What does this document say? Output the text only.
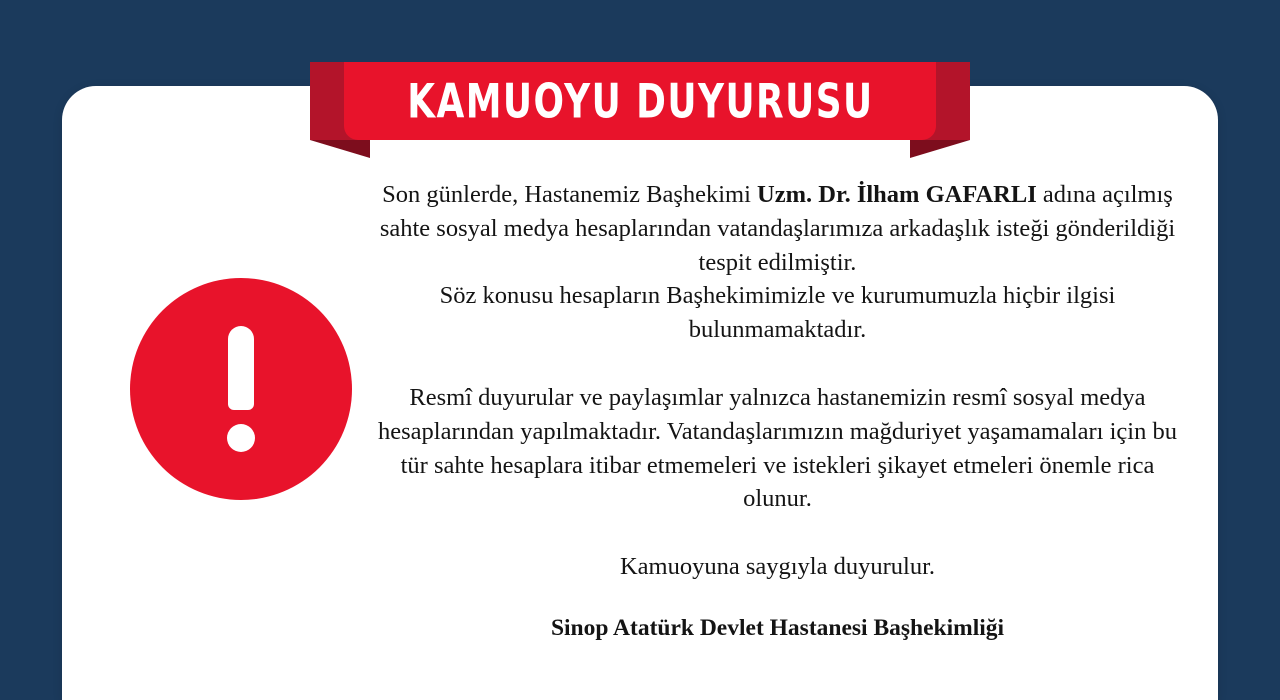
KAMUOYU DUYURUSU

Son günlerde, Hastanemiz Başhekimi Uzm. Dr. İlham GAFARLI adına açılmış sahte sosyal medya hesaplarından vatandaşlarımıza arkadaşlık isteği gönderildiği tespit edilmiştir.

Söz konusu hesapların Başhekimimizle ve kurumumuzla hiçbir ilgisi bulunmamaktadır.

Resmî duyurular ve paylaşımlar yalnızca hastanemizin resmî sosyal medya hesaplarından yapılmaktadır. Vatandaşlarımızın mağduriyet yaşamamaları için bu tür sahte hesaplara itibar etmemeleri ve istekleri şikayet etmeleri önemle rica olunur.

Kamuoyuna saygıyla duyurulur.

Sinop Atatürk Devlet Hastanesi Başhekimliği
